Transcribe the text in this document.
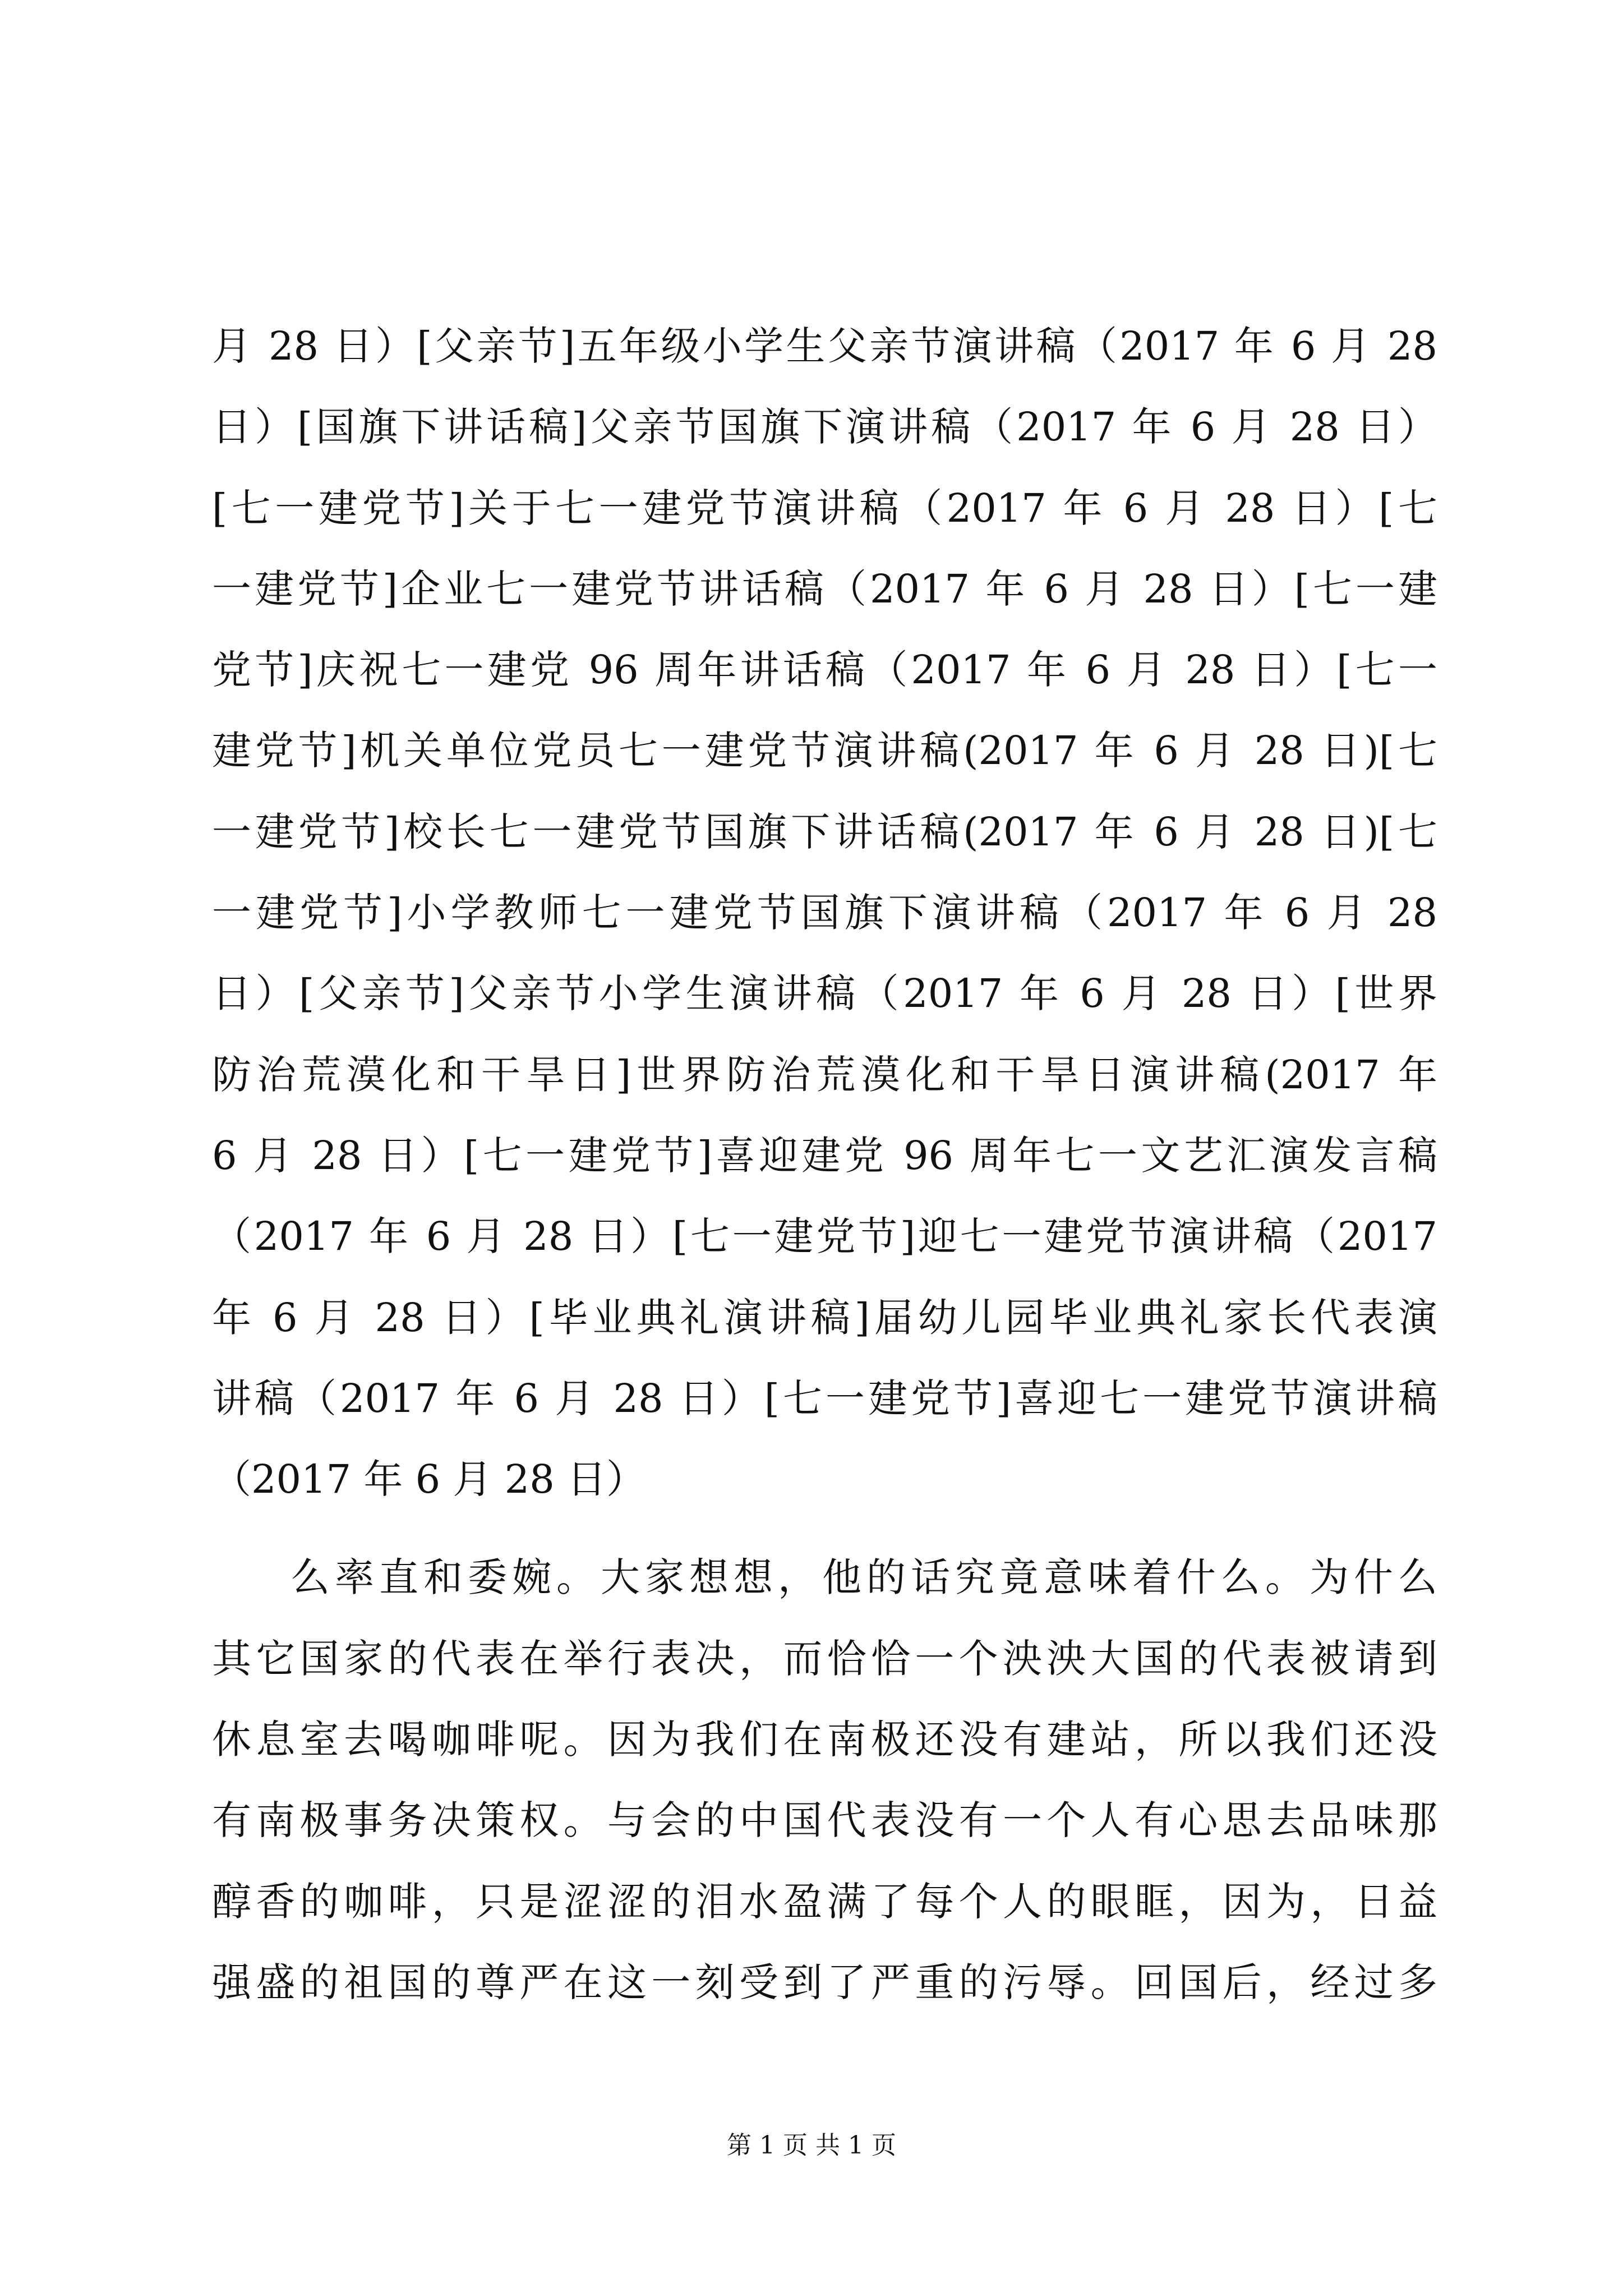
月 28 日）[父亲节]五年级小学生父亲节演讲稿（2017 年 6 月 28
日）[国旗下讲话稿]父亲节国旗下演讲稿（2017 年 6 月 28 日）
[七一建党节]关于七一建党节演讲稿（2017 年 6 月 28 日）[七
一建党节]企业七一建党节讲话稿（2017 年 6 月 28 日）[七一建
党节]庆祝七一建党 96 周年讲话稿（2017 年 6 月 28 日）[七一
建党节]机关单位党员七一建党节演讲稿(2017 年 6 月 28 日)[七
一建党节]校长七一建党节国旗下讲话稿(2017 年 6 月 28 日)[七
一建党节]小学教师七一建党节国旗下演讲稿（2017 年 6 月 28
日）[父亲节]父亲节小学生演讲稿（2017 年 6 月 28 日）[世界
防治荒漠化和干旱日]世界防治荒漠化和干旱日演讲稿(2017 年
6 月 28 日）[七一建党节]喜迎建党 96 周年七一文艺汇演发言稿
（2017 年 6 月 28 日）[七一建党节]迎七一建党节演讲稿（2017
年 6 月 28 日）[毕业典礼演讲稿]届幼儿园毕业典礼家长代表演
讲稿（2017 年 6 月 28 日）[七一建党节]喜迎七一建党节演讲稿
（2017 年 6 月 28 日）
么率直和委婉。大家想想，他的话究竟意味着什么。为什么
其它国家的代表在举行表决，而恰恰一个泱泱大国的代表被请到
休息室去喝咖啡呢。因为我们在南极还没有建站，所以我们还没
有南极事务决策权。与会的中国代表没有一个人有心思去品味那
醇香的咖啡，只是涩涩的泪水盈满了每个人的眼眶，因为，日益
强盛的祖国的尊严在这一刻受到了严重的污辱。回国后，经过多
第 1 页 共 1 页
